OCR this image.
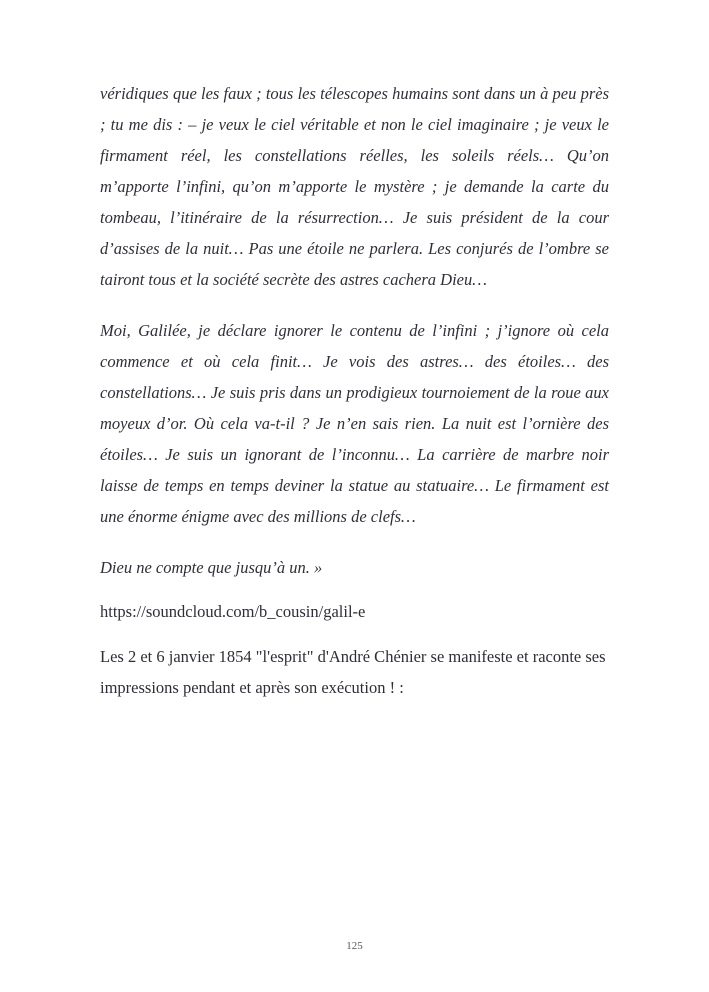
véridiques que les faux ; tous les télescopes humains sont dans un à peu près ; tu me dis : – je veux le ciel véritable et non le ciel imaginaire ; je veux le firmament réel, les constellations réelles, les soleils réels… Qu’on m’apporte l’infini, qu’on m’apporte le mystère ; je demande la carte du tombeau, l’itinéraire de la résurrection… Je suis président de la cour d’assises de la nuit… Pas une étoile ne parlera. Les conjurés de l’ombre se tairont tous et la société secrète des astres cachera Dieu…

Moi, Galilée, je déclare ignorer le contenu de l’infini ; j’ignore où cela commence et où cela finit… Je vois des astres… des étoiles… des constellations… Je suis pris dans un prodigieux tournoiement de la roue aux moyeux d’or. Où cela va-t-il ? Je n’en sais rien. La nuit est l’ornière des étoiles… Je suis un ignorant de l’inconnu… La carrière de marbre noir laisse de temps en temps deviner la statue au statuaire… Le firmament est une énorme énigme avec des millions de clefs…

Dieu ne compte que jusqu’à un. »

https://soundcloud.com/b_cousin/galil-e

Les 2 et 6 janvier 1854 "l'esprit" d'André Chénier se manifeste et raconte ses impressions pendant et après son exécution ! :

125
